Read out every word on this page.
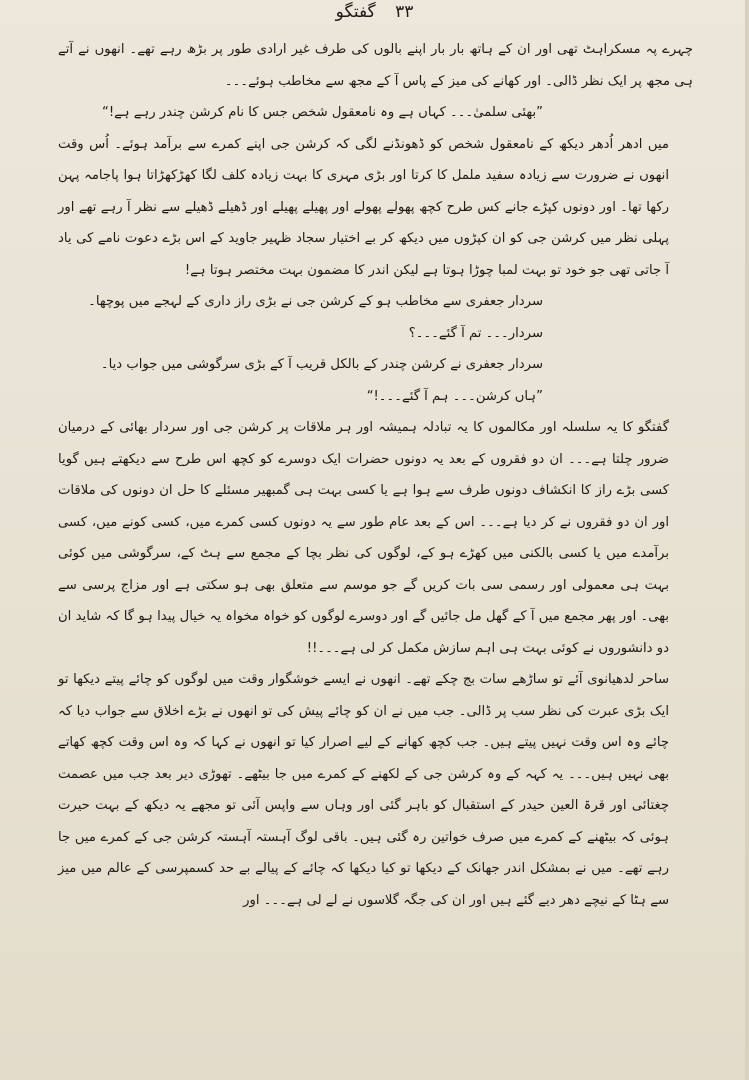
۳۳ گفتگو

چہرے پہ مسکراہٹ تھی اور ان کے ہاتھ بار بار اپنے بالوں کی طرف غیر ارادی طور پر بڑھ رہے تھے۔ انھوں نے آتے ہی مجھ پر ایک نظر ڈالی۔ اور کھانے کی میز کے پاس آ کے مجھ سے مخاطب ہوئے۔۔۔

”بھئی سلمیٰ۔۔۔ کہاں ہے وہ نامعقول شخص جس کا نام کرشن چندر رہے ہے!“

میں ادھر اُدھر دیکھ کے نامعقول شخص کو ڈھونڈنے لگی کہ کرشن جی اپنے کمرے سے برآمد ہوئے۔ اُس وقت انھوں نے ضرورت سے زیادہ سفید ململ کا کرتا اور بڑی مہری کا بہت زیادہ کلف لگا کھڑکھڑاتا ہوا پاجامہ پہن رکھا تھا۔ اور دونوں کپڑے جانے کس طرح کچھ پھولے پھولے اور پھیلے پھیلے اور ڈھیلے ڈھیلے سے نظر آ رہے تھے اور پہلی نظر میں کرشن جی کو ان کپڑوں میں دیکھ کر بے اختیار سجاد ظہیر جاوید کے اس بڑے دعوت نامے کی یاد آ جاتی تھی جو خود تو بہت لمبا چوڑا ہوتا ہے لیکن اندر کا مضمون بہت مختصر ہوتا ہے!

سردار جعفری سے مخاطب ہو کے کرشن جی نے بڑی راز داری کے لہجے میں پوچھا۔

سردار۔۔۔ تم آ گئے۔۔۔؟

سردار جعفری نے کرشن چندر کے بالکل قریب آ کے بڑی سرگوشی میں جواب دیا۔

”ہاں کرشن۔۔۔ ہم آ گئے۔۔۔!“

گفتگو کا یہ سلسلہ اور مکالموں کا یہ تبادلہ ہمیشہ اور ہر ملاقات پر کرشن جی اور سردار بھائی کے درمیان ضرور چلتا ہے۔۔۔ ان دو فقروں کے بعد یہ دونوں حضرات ایک دوسرے کو کچھ اس طرح سے دیکھتے ہیں گویا کسی بڑے راز کا انکشاف دونوں طرف سے ہوا ہے یا کسی بہت ہی گمبھیر مسئلے کا حل ان دونوں کی ملاقات اور ان دو فقروں نے کر دیا ہے۔۔۔ اس کے بعد عام طور سے یہ دونوں کسی کمرے میں، کسی کونے میں، کسی برآمدے میں یا کسی بالکنی میں کھڑے ہو کے، لوگوں کی نظر بچا کے مجمع سے ہٹ کے، سرگوشی میں کوئی بہت ہی معمولی اور رسمی سی بات کریں گے جو موسم سے متعلق بھی ہو سکتی ہے اور مزاج پرسی سے بھی۔ اور پھر مجمع میں آ کے گھل مل جائیں گے اور دوسرے لوگوں کو خواہ مخواہ یہ خیال پیدا ہو گا کہ شاید ان دو دانشوروں نے کوئی بہت ہی اہم سازش مکمل کر لی ہے۔۔۔!!

ساحر لدھیانوی آئے تو ساڑھے سات بج چکے تھے۔ انھوں نے ایسے خوشگوار وقت میں لوگوں کو چائے پیتے دیکھا تو ایک بڑی عبرت کی نظر سب پر ڈالی۔ جب میں نے ان کو چائے پیش کی تو انھوں نے بڑے اخلاق سے جواب دیا کہ چائے وہ اس وقت نہیں پیتے ہیں۔ جب کچھ کھانے کے لیے اصرار کیا تو انھوں نے کہا کہ وہ اس وقت کچھ کھاتے بھی نہیں ہیں۔۔۔ یہ کہہ کے وہ کرشن جی کے لکھنے کے کمرے میں جا بیٹھے۔ تھوڑی دیر بعد جب میں عصمت چغتائی اور قرۃ العین حیدر کے استقبال کو باہر گئی اور وہاں سے واپس آئی تو مجھے یہ دیکھ کے بہت حیرت ہوئی کہ بیٹھنے کے کمرے میں صرف خواتین رہ گئی ہیں۔ باقی لوگ آہستہ آہستہ کرشن جی کے کمرے میں جا رہے تھے۔ میں نے بمشکل اندر جھانک کے دیکھا تو کیا دیکھا کہ چائے کے پیالے بے حد کسمپرسی کے عالم میں میز سے ہٹا کے نیچے دھر دیے گئے ہیں اور ان کی جگہ گلاسوں نے لے لی ہے۔۔۔ اور
